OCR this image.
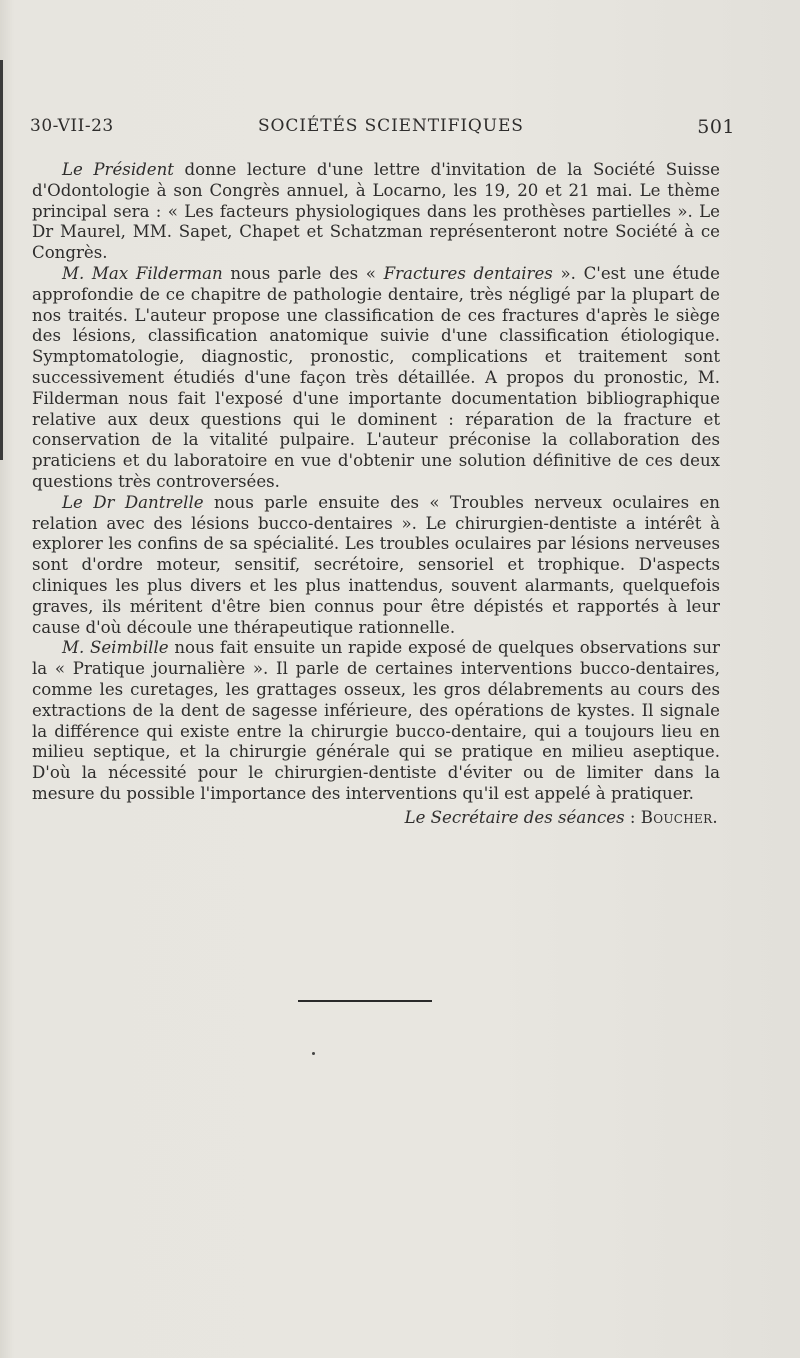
30-VII-23	SOCIÉTÉS SCIENTIFIQUES	501

Le Président donne lecture d'une lettre d'invitation de la Société Suisse d'Odontologie à son Congrès annuel, à Locarno, les 19, 20 et 21 mai. Le thème principal sera : « Les facteurs physiologiques dans les prothèses partielles ». Le Dr Maurel, MM. Sapet, Chapet et Schatzman représenteront notre Société à ce Congrès.

M. Max Filderman nous parle des « Fractures dentaires ». C'est une étude approfondie de ce chapitre de pathologie dentaire, très négligé par la plupart de nos traités. L'auteur propose une classification de ces fractures d'après le siège des lésions, classification anatomique suivie d'une classification étiologique. Symptomatologie, diagnostic, pronostic, complications et traitement sont successivement étudiés d'une façon très détaillée. A propos du pronostic, M. Filderman nous fait l'exposé d'une importante documentation bibliographique relative aux deux questions qui le dominent : réparation de la fracture et conservation de la vitalité pulpaire. L'auteur préconise la collaboration des praticiens et du laboratoire en vue d'obtenir une solution définitive de ces deux questions très controversées.

Le Dr Dantrelle nous parle ensuite des « Troubles nerveux oculaires en relation avec des lésions bucco-dentaires ». Le chirurgien-dentiste a intérêt à explorer les confins de sa spécialité. Les troubles oculaires par lésions nerveuses sont d'ordre moteur, sensitif, secrétoire, sensoriel et trophique. D'aspects cliniques les plus divers et les plus inattendus, souvent alarmants, quelquefois graves, ils méritent d'être bien connus pour être dépistés et rapportés à leur cause d'où découle une thérapeutique rationnelle.

M. Seimbille nous fait ensuite un rapide exposé de quelques observations sur la « Pratique journalière ». Il parle de certaines interventions bucco-dentaires, comme les curetages, les grattages osseux, les gros délabrements au cours des extractions de la dent de sagesse inférieure, des opérations de kystes. Il signale la différence qui existe entre la chirurgie bucco-dentaire, qui a toujours lieu en milieu septique, et la chirurgie générale qui se pratique en milieu aseptique. D'où la nécessité pour le chirurgien-dentiste d'éviter ou de limiter dans la mesure du possible l'importance des interventions qu'il est appelé à pratiquer.

Le Secrétaire des séances : Boucher.
